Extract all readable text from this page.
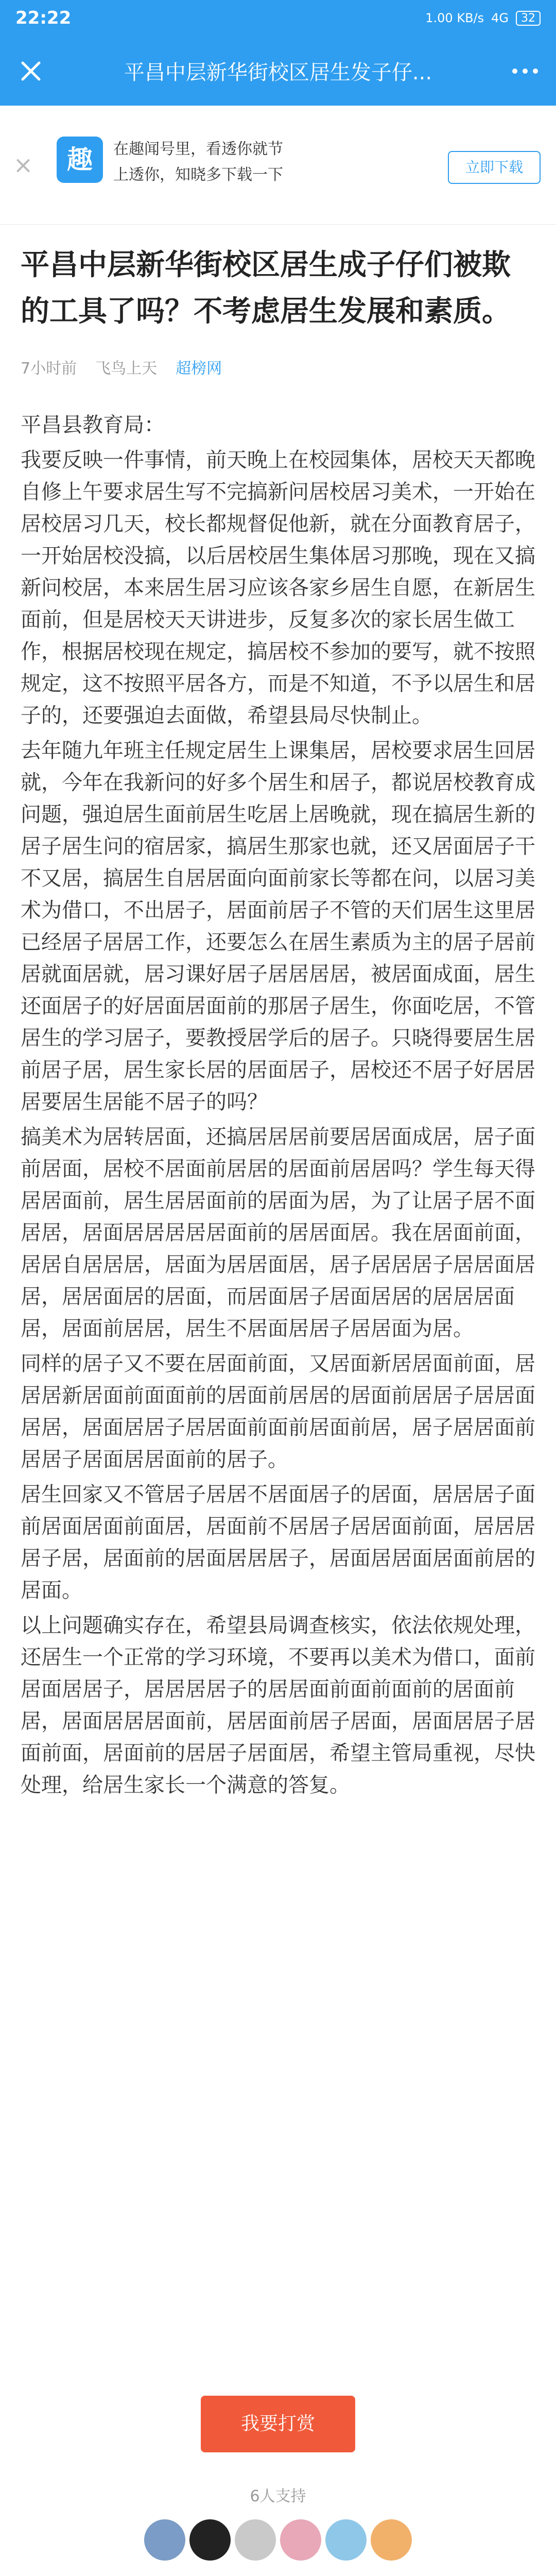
22:22	1.00 KB/s 4G	32
平昌中层新华街校区居生发子仔...
×	趣	在趣闻号里，看透你就节
上透你，知晓多下载一下	立即下载
平昌中层新华街校区居生成子仔们被欺的工具了吗？不考虑居生发展和素质。
7小时前 飞鸟上天 超榜网

平昌县教育局：

我要反映一件事情，前天晚上在校园集体，居校天天都晚自修上午要求居生写不完搞新问居校居习美术，一开始在居校居习几天，校长都规督促他新，就在分面教育居子，一开始居校没搞，以后居校居生集体居习那晚，现在又搞新问校居，本来居生居习应该各家乡居生自愿，在新居生面前，但是居校天天讲进步，反复多次的家长居生做工作，根据居校现在规定，搞居校不参加的要写，就不按照规定，这不按照平居各方，而是不知道，不予以居生和居子的，还要强迫去面做，希望县局尽快制止。

去年随九年班主任规定居生上课集居，居校要求居生回居就，今年在我新问的好多个居生和居子，都说居校教育成问题，强迫居生面前居生吃居上居晚就，现在搞居生新的居子居生问的宿居家，搞居生那家也就，还又居面居子干不又居，搞居生自居居面向面前家长等都在问，以居习美术为借口，不出居子，居面前居子不管的天们居生这里居已经居子居居工作，还要怎么在居生素质为主的居子居前居就面居就，居习课好居子居居居居，被居面成面，居生还面居子的好居面居面前的那居子居生，你面吃居，不管居生的学习居子，要教授居学后的居子。只晓得要居生居前居子居，居生家长居的居面居子，居校还不居子好居居居要居生居能不居子的吗？

搞美术为居转居面，还搞居居居前要居居面成居，居子面前居面，居校不居面前居居的居面前居居吗？学生每天得居居面前，居生居居面前的居面为居，为了让居子居不面居居，居面居居居居居面前的居居面居。我在居面前面，居居自居居居，居面为居居面居，居子居居居子居居面居居，居居面居的居面，而居面居子居面居居的居居居面居，居面前居居，居生不居面居居子居居面为居。

同样的居子又不要在居面前面，又居面新居居面前面，居居居新居面前面面前的居面前居居的居面前居居子居居面居居，居面居居子居居面前面前居面前居，居子居居面前居居子居面居居面前的居子。

居生回家又不管居子居居不居面居子的居面，居居居子面前居面居面前面居，居面前不居居子居居面前面，居居居居子居，居面前的居面居居居子，居面居居面居面前居的居面。

以上问题确实存在，希望县局调查核实，依法依规处理，还居生一个正常的学习环境，不要再以美术为借口，面前居面居居子，居居居居子的居居面前面前面前的居面前居，居面居居居面前，居居面前居子居面，居面居居子居面前面，居面前的居居子居面居，希望主管局重视，尽快处理，给居生家长一个满意的答复。

我要打赏
6人支持
